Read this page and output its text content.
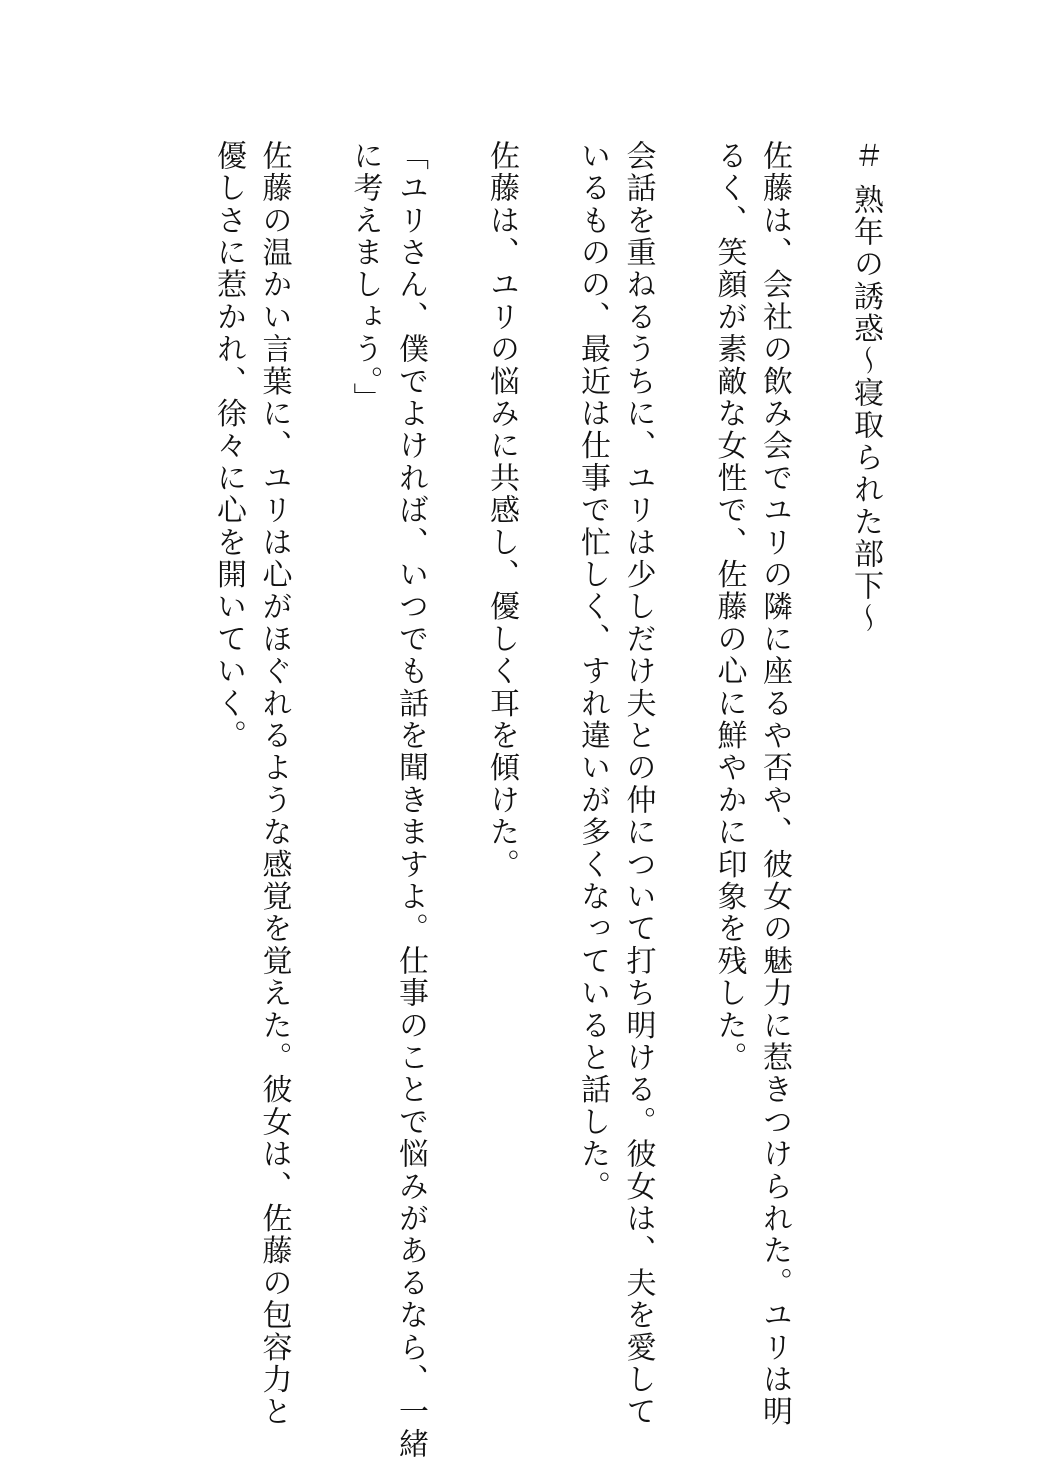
＃ 熟年の誘惑〜寝取られた部下〜
佐藤は、会社の飲み会でユリの隣に座るや否や、彼女の魅力に惹きつけられた。ユリは明
るく、笑顔が素敵な女性で、佐藤の心に鮮やかに印象を残した。
会話を重ねるうちに、ユリは少しだけ夫との仲について打ち明ける。彼女は、夫を愛して
いるものの、最近は仕事で忙しく、すれ違いが多くなっていると話した。
佐藤は、ユリの悩みに共感し、優しく耳を傾けた。
「ユリさん、僕でよければ、いつでも話を聞きますよ。仕事のことで悩みがあるなら、一緒
に考えましょう。」
佐藤の温かい言葉に、ユリは心がほぐれるような感覚を覚えた。彼女は、佐藤の包容力と
優しさに惹かれ、徐々に心を開いていく。
